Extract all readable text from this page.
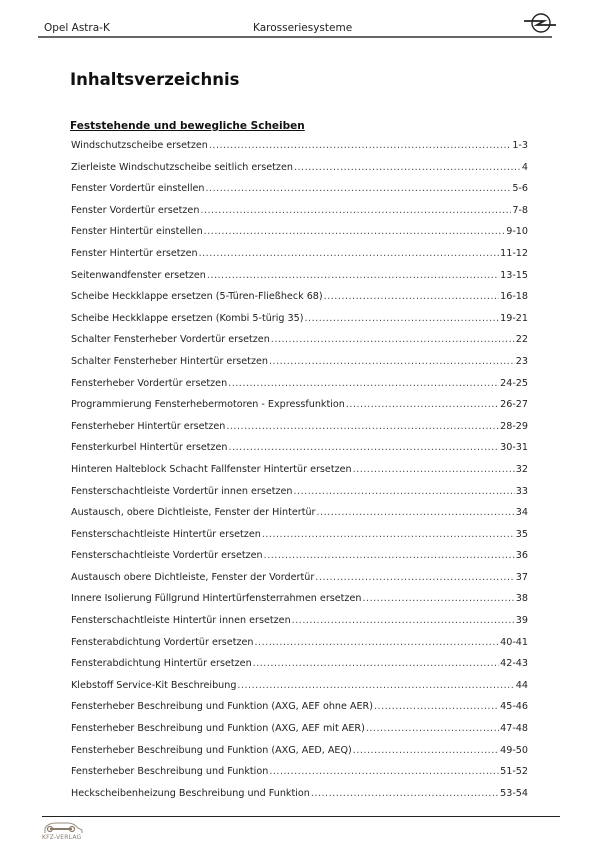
Opel Astra-K	Karosseriesysteme
Inhaltsverzeichnis
Feststehende und bewegliche Scheiben
Windschutzscheibe ersetzen .....	1-3
Zierleiste Windschutzscheibe seitlich ersetzen .....	4
Fenster Vordertür einstellen .....	5-6
Fenster Vordertür ersetzen .....	7-8
Fenster Hintertür einstellen .....	9-10
Fenster Hintertür ersetzen .....	11-12
Seitenwandfenster ersetzen .....	13-15
Scheibe Heckklappe ersetzen (5-Türen-Fließheck 68) .....	16-18
Scheibe Heckklappe ersetzen (Kombi 5-türig 35) .....	19-21
Schalter Fensterheber Vordertür ersetzen .....	22
Schalter Fensterheber Hintertür ersetzen .....	23
Fensterheber Vordertür ersetzen .....	24-25
Programmierung Fensterhebermotoren - Expressfunktion .....	26-27
Fensterheber Hintertür ersetzen .....	28-29
Fensterkurbel Hintertür ersetzen .....	30-31
Hinteren Halteblock Schacht Fallfenster Hintertür ersetzen .....	32
Fensterschachtleiste Vordertür innen ersetzen .....	33
Austausch, obere Dichtleiste, Fenster der Hintertür .....	34
Fensterschachtleiste Hintertür ersetzen .....	35
Fensterschachtleiste Vordertür ersetzen .....	36
Austausch obere Dichtleiste, Fenster der Vordertür .....	37
Innere Isolierung Füllgrund Hintertürfensterrahmen ersetzen .....	38
Fensterschachtleiste Hintertür innen ersetzen .....	39
Fensterabdichtung Vordertür ersetzen .....	40-41
Fensterabdichtung Hintertür ersetzen .....	42-43
Klebstoff Service-Kit Beschreibung .....	44
Fensterheber Beschreibung und Funktion (AXG, AEF ohne AER) .....	45-46
Fensterheber Beschreibung und Funktion (AXG, AEF mit AER) .....	47-48
Fensterheber Beschreibung und Funktion (AXG, AED, AEQ) .....	49-50
Fensterheber Beschreibung und Funktion .....	51-52
Heckscheibenheizung Beschreibung und Funktion .....	53-54
KFZ-VERLAG
